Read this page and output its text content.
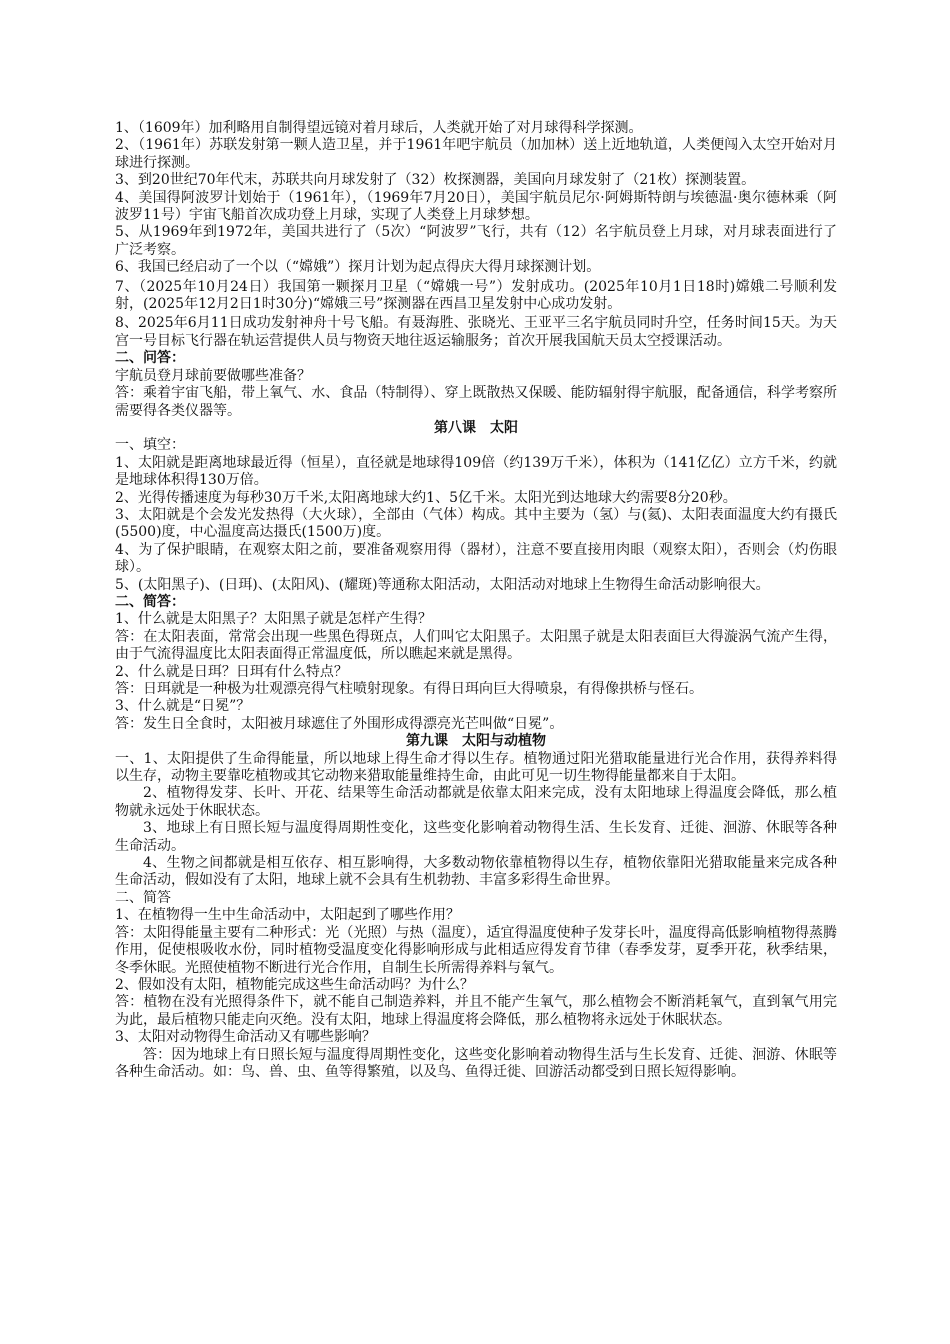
1、（1609年）加利略用自制得望远镜对着月球后，人类就开始了对月球得科学探测。

2、（1961年）苏联发射第一颗人造卫星，并于1961年吧宇航员（加加林）送上近地轨道，人类便闯入太空开始对月球进行探测。

3、到20世纪70年代末，苏联共向月球发射了（32）枚探测器，美国向月球发射了（21枚）探测装置。

4、美国得阿波罗计划始于（1961年），（1969年7月20日），美国宇航员尼尔·阿姆斯特朗与埃德温·奥尔德林乘（阿波罗11号）宇宙飞船首次成功登上月球，实现了人类登上月球梦想。

5、从1969年到1972年，美国共进行了（5次）“阿波罗”飞行，共有（12）名宇航员登上月球，对月球表面进行了广泛考察。

6、我国已经启动了一个以（“嫦娥”）探月计划为起点得庆大得月球探测计划。

7、（2025年10月24日）我国第一颗探月卫星（“嫦娥一号”）发射成功。(2025年10月1日18时)嫦娥二号顺利发射，(2025年12月2日1时30分)“嫦娥三号”探测器在西昌卫星发射中心成功发射。

8、2025年6月11日成功发射神舟十号飞船。有聂海胜、张晓光、王亚平三名宇航员同时升空，任务时间15天。为天宫一号目标飞行器在轨运营提供人员与物资天地往返运输服务；首次开展我国航天员太空授课活动。

二、问答：

宇航员登月球前要做哪些准备？

答：乘着宇宙飞船，带上氧气、水、食品（特制得）、穿上既散热又保暖、能防辐射得宇航服，配备通信，科学考察所需要得各类仪器等。

第八课　太阳

一、填空：

1、太阳就是距离地球最近得（恒星），直径就是地球得109倍（约139万千米），体积为（141亿亿）立方千米，约就是地球体积得130万倍。

2、光得传播速度为每秒30万千米,太阳离地球大约1、5亿千米。太阳光到达地球大约需要8分20秒。

3、太阳就是个会发光发热得（大火球），全部由（气体）构成。其中主要为（氢）与(氦)、太阳表面温度大约有摄氏(5500)度，中心温度高达摄氏(1500万)度。

4、为了保护眼睛，在观察太阳之前，要准备观察用得（器材），注意不要直接用肉眼（观察太阳），否则会（灼伤眼球）。

5、(太阳黑子)、(日珥)、(太阳风)、(耀斑)等通称太阳活动，太阳活动对地球上生物得生命活动影响很大。

二、简答：

1、什么就是太阳黑子？太阳黑子就是怎样产生得？

答：在太阳表面，常常会出现一些黑色得斑点，人们叫它太阳黑子。太阳黑子就是太阳表面巨大得漩涡气流产生得，由于气流得温度比太阳表面得正常温度低，所以瞧起来就是黑得。

2、什么就是日珥？日珥有什么特点？

答：日珥就是一种极为壮观漂亮得气柱喷射现象。有得日珥向巨大得喷泉，有得像拱桥与怪石。

3、什么就是“日冕”？

答：发生日全食时，太阳被月球遮住了外围形成得漂亮光芒叫做“日冕”。

第九课　太阳与动植物

一、1、太阳提供了生命得能量，所以地球上得生命才得以生存。植物通过阳光猎取能量进行光合作用，获得养料得以生存，动物主要靠吃植物或其它动物来猎取能量维持生命，由此可见一切生物得能量都来自于太阳。

2、植物得发芽、长叶、开花、结果等生命活动都就是依靠太阳来完成，没有太阳地球上得温度会降低，那么植物就永远处于休眠状态。

3、地球上有日照长短与温度得周期性变化，这些变化影响着动物得生活、生长发育、迁徙、洄游、休眠等各种生命活动。

4、生物之间都就是相互依存、相互影响得，大多数动物依靠植物得以生存，植物依靠阳光猎取能量来完成各种生命活动，假如没有了太阳，地球上就不会具有生机勃勃、丰富多彩得生命世界。

二、简答

1、在植物得一生中生命活动中，太阳起到了哪些作用？

答：太阳得能量主要有二种形式：光（光照）与热（温度），适宜得温度使种子发芽长叶，温度得高低影响植物得蒸腾作用，促使根吸收水份，同时植物受温度变化得影响形成与此相适应得发育节律（春季发芽，夏季开花，秋季结果，冬季休眠。光照使植物不断进行光合作用，自制生长所需得养料与氧气。

2、假如没有太阳，植物能完成这些生命活动吗？为什么？

答：植物在没有光照得条件下，就不能自己制造养料，并且不能产生氧气，那么植物会不断消耗氧气，直到氧气用完为此，最后植物只能走向灭绝。没有太阳，地球上得温度将会降低，那么植物将永远处于休眠状态。

3、太阳对动物得生命活动又有哪些影响？

答：因为地球上有日照长短与温度得周期性变化，这些变化影响着动物得生活与生长发育、迁徙、洄游、休眠等各种生命活动。如：鸟、兽、虫、鱼等得繁殖，以及鸟、鱼得迁徙、回游活动都受到日照长短得影响。
